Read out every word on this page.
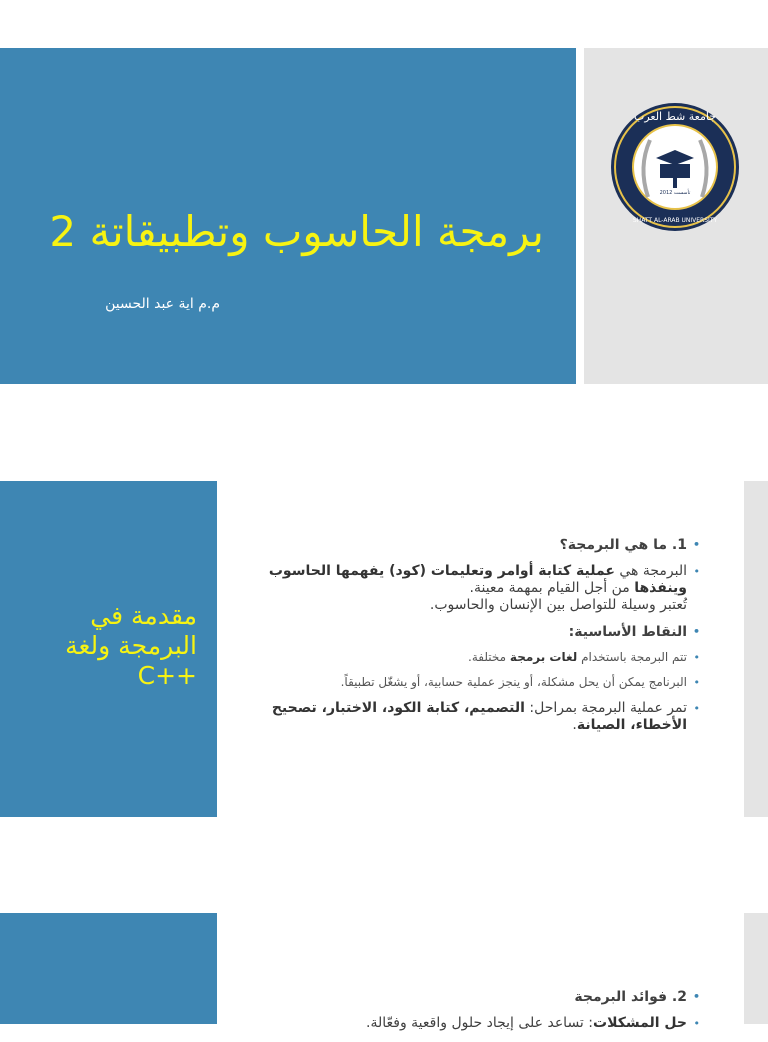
برمجة الحاسوب وتطبيقاتة 2
م.م اية عبد الحسين
تأسست 2012
جامعة شط العرب
SHATT AL-ARAB UNIVERSITY
مقدمة في البرمجة ولغة
C++
• 1. ما هي البرمجة؟
• البرمجة هي عملية كتابة أوامر وتعليمات (كود) يفهمها الحاسوب وينفذها من أجل القيام بمهمة معينة.
تُعتبر وسيلة للتواصل بين الإنسان والحاسوب.
• النقاط الأساسية:
• تتم البرمجة باستخدام لغات برمجة مختلفة.
• البرنامج يمكن أن يحل مشكلة، أو ينجز عملية حسابية، أو يشغّل تطبيقاً.
• تمر عملية البرمجة بمراحل: التصميم، كتابة الكود، الاختبار، تصحيح الأخطاء، الصيانة.
• 2. فوائد البرمجة
• حل المشكلات: تساعد على إيجاد حلول واقعية وفعّالة.
